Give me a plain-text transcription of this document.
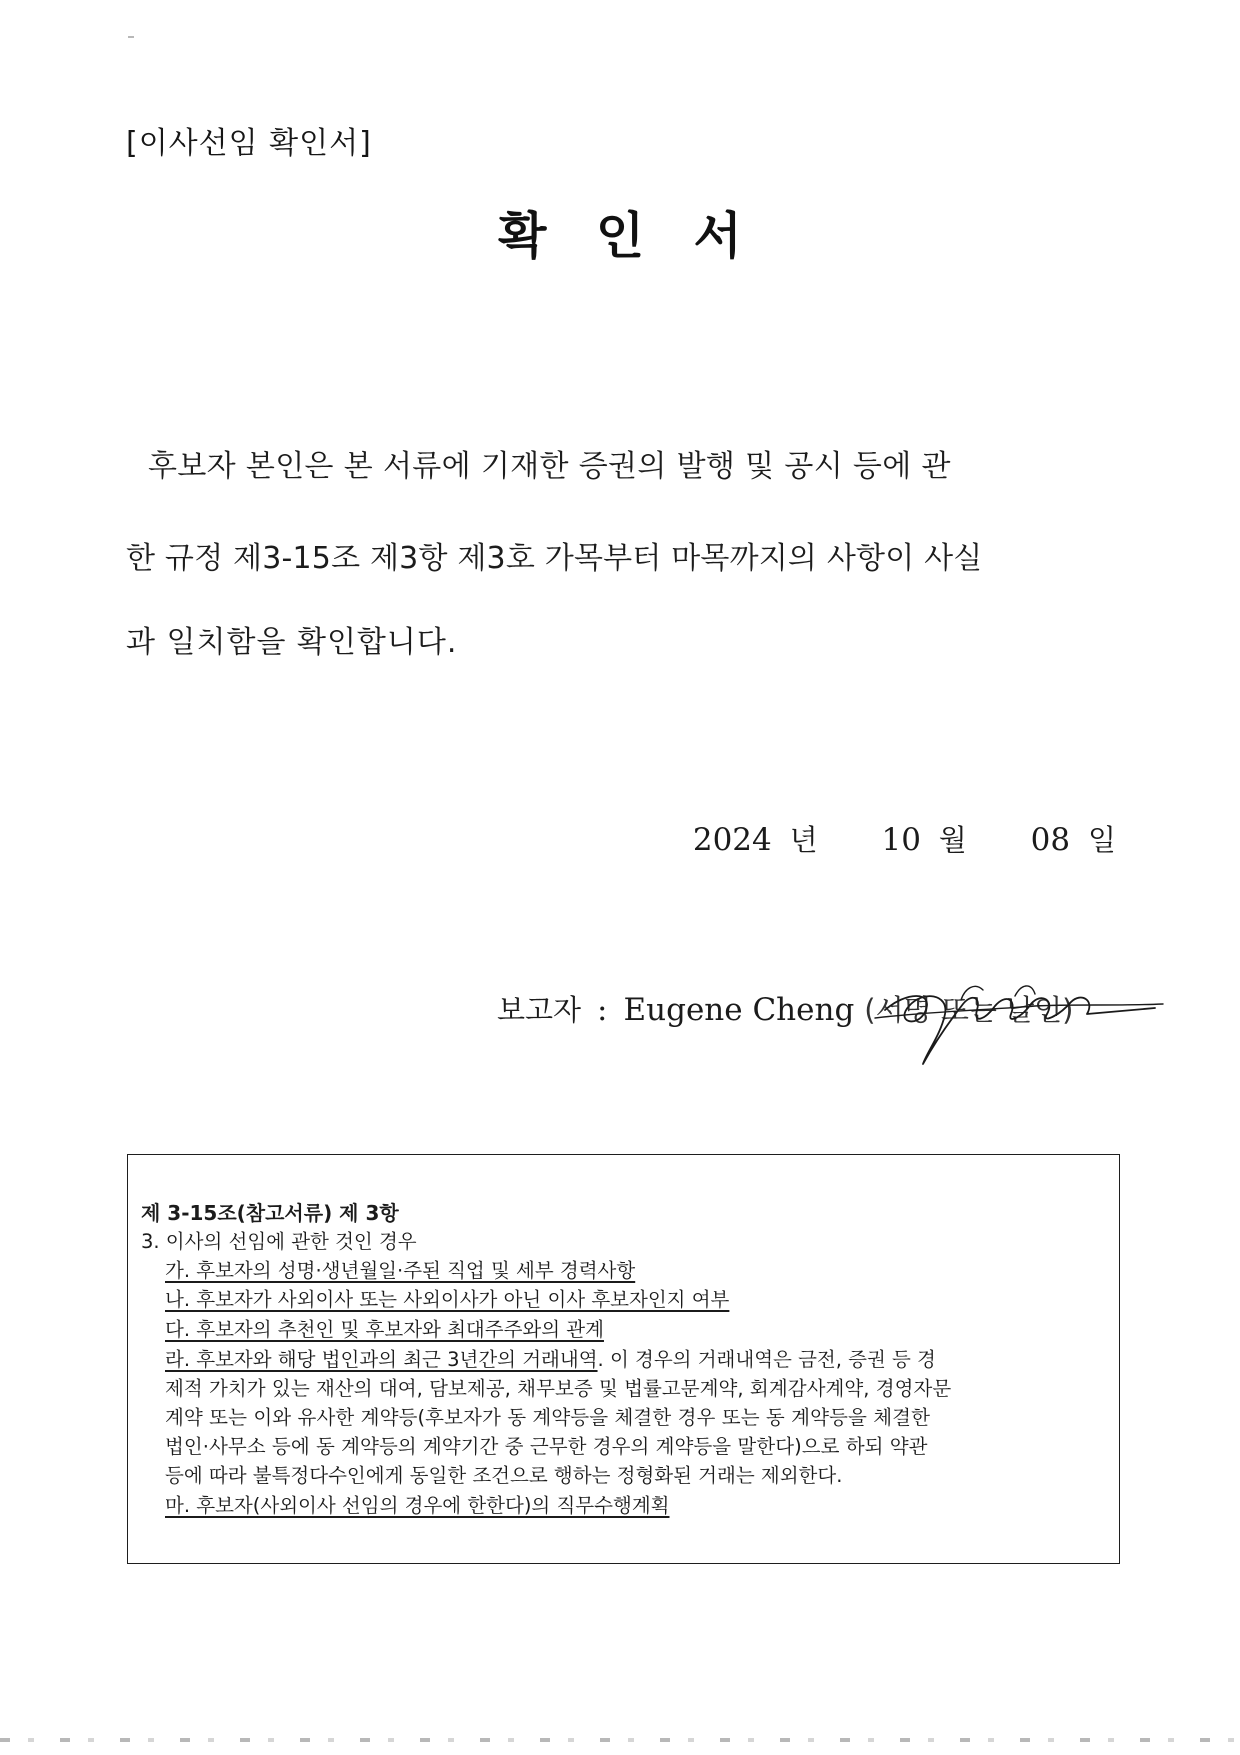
[이사선임 확인서]
확 인 서
후보자 본인은 본 서류에 기재한 증권의 발행 및 공시 등에 관
한 규정 제3-15조 제3항 제3호 가목부터 마목까지의 사항이 사실
과 일치함을 확인합니다.
2024 년 10 월 08 일
보고자 : Eugene Cheng (서명 또는 날인)
제 3-15조(참고서류) 제 3항
3. 이사의 선임에 관한 것인 경우
가. 후보자의 성명·생년월일·주된 직업 및 세부 경력사항
나. 후보자가 사외이사 또는 사외이사가 아닌 이사 후보자인지 여부
다. 후보자의 추천인 및 후보자와 최대주주와의 관계
라. 후보자와 해당 법인과의 최근 3년간의 거래내역. 이 경우의 거래내역은 금전, 증권 등 경
제적 가치가 있는 재산의 대여, 담보제공, 채무보증 및 법률고문계약, 회계감사계약, 경영자문
계약 또는 이와 유사한 계약등(후보자가 동 계약등을 체결한 경우 또는 동 계약등을 체결한
법인·사무소 등에 동 계약등의 계약기간 중 근무한 경우의 계약등을 말한다)으로 하되 약관
등에 따라 불특정다수인에게 동일한 조건으로 행하는 정형화된 거래는 제외한다.
마. 후보자(사외이사 선임의 경우에 한한다)의 직무수행계획
